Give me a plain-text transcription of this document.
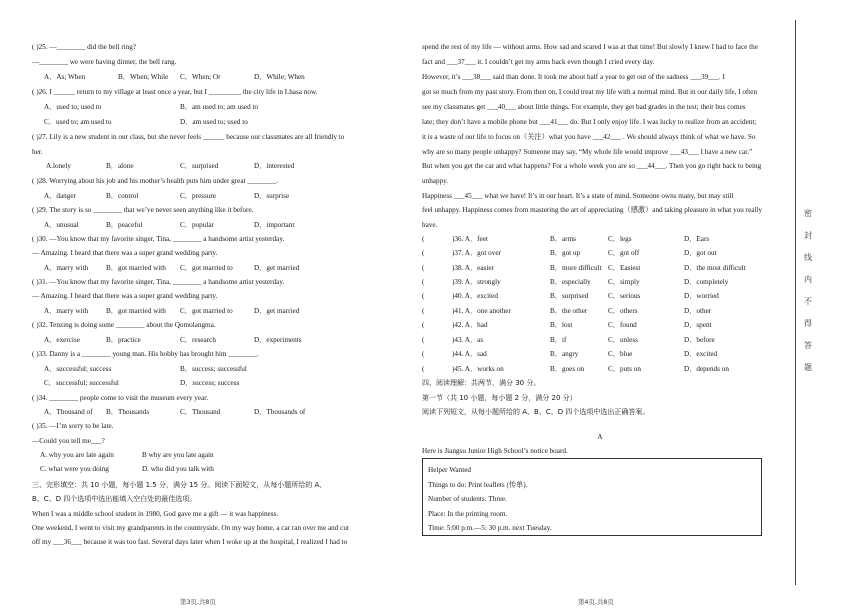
( )25. —________ did the bell ring?
—________ we were having dinner, the bell rang.
A．As; When	B．When; While C．When; Or	D．While; When
( )26. I ______ return to my village at least once a year, but I _________ the city life in Lhasa now.
A．used to; used to	B．am used to; am used to
C．used to; am used to	D．am used to; used to
( )27. Lily is a new student in our class, but she never feels ______ because our classmates are all friendly to
her.
A.lonely	B．alone	C．surprised	D．interested
( )28. Worrying about his job and his mother’s health puts him under great ________.
A．danger	B．control	C．pressure	D．surprise
( )29. The story is so ________ that we’ve never seen anything like it before.
A．unusual	B．peaceful	C．popular	D．important
( )30. —You know that my favorite singer, Tina, ________ a handsome artist yesterday.
— Amazing. I heard that there was a super grand wedding party.
A．marry with B．got married with C．got married to	D．get married
( )31. —You know that my favorite singer, Tina, ________ a handsome artist yesterday.
— Amazing. I heard that there was a super grand wedding party.
A．marry with B．got married with C．got married to	D．get married
( )32. Tenzing is doing some ________ about the Qomolangma.
A．exercise	B．practice	C．research	D．experiments
( )33. Danny is a ________ young man. His hobby has brought him ________.
A．successful; success	B．success; successful
C．successful; successful	D．success; success
( )34. ________ people come to visit the museum every year.
A．Thousand of B．Thousands	C．Thousand	D．Thousands of
( )35. —I’m sorry to be late.
—Could you tell me___?
A. why you are late again	B why are you late again
C. what were you doing	D. who did you talk with
三、完形填空：共 10 小题，每小题 1.5 分，满分 15 分。阅读下面短文，从每小题所给的 A、
B、C、D 四个选项中选出能填入空白处的最佳选项。
When I was a middle school student in 1980, God gave me a gift — it was happiness.
One weekend, I went to visit my grandparents in the countryside. On my way home, a car ran over me and cut
off my ___36___ because it was too fast. Several days later when I woke up at the hospital, I realized I had to
Helper Wanted
Things to do: Print leaflets (传单).
Number of students: Three.
Place: In the printing room.
Time: 5:00 p.m.—5: 30 p.m. next Tuesday.
spend the rest of my life — without arms. How sad and scared I was at that time! But slowly I knew I had to face the
fact and ___37___ it. I couldn’t get my arms back even though I cried every day.
However, it’s ___38___ said than done. It took me about half a year to get out of the sadness ___39___. I
got so much from my past story. From then on, I could treat my life with a normal mind. But in our daily life, I often
see my classmates get ___40___ about little things. For example, they get bad grades in the test; their bus comes
late; they don’t have a mobile phone but ___41___ do. But I only enjoy life. I was lucky to realize from an accident;
it is a waste of our life to focus on（关注）what you have ___42___ . We should always think of what we have. So
why are so many people unhappy? Someone may say, “My whole life would improve ___43___ I have a new car.”
But when you get the car and what happens? For a whole week you are so ___44___. Then you go right back to being
unhappy.
Happiness ___45___ what we have! It’s in our heart. It’s a state of mind. Someone owns many, but may still
feel unhappy. Happiness comes from mastering the art of appreciating（感激）and taking pleasure in what you really
have.
(	)36. A．feet	B．arms	C．legs	D．Ears
(	)37. A．got over	B．got up	C．got off	D．got out
(	)38. A．easier	B．more difficult C．Easiest	D．the most difficult
(	)39. A．strongly	B．especially C．simply	D．completely
(	)40. A．excited	B．surprised	C．serious	D．worried
(	)41. A．one another	B．the other	C．others	D．other
(	)42. A．had	B．lost	C．found	D．spent
(	)43. A．as	B．if	C．unless	D．before
(	)44. A．sad	B．angry	C．blue	D．excited
(	)45. A．works on	B．goes on	C．puts on	D．depends on
四、阅读理解：共两节，满分 30 分。
第一节（共 10 小题，每小题 2 分，满分 20 分）
阅读下列短文，从每小题所给的 A、B、C、D 四个选项中选出正确答案。
A
Here is Jiangsu Junior High School’s notice board.
第3页,共8页	第4页,共8页
密
封
线
内
不
得
答
题
